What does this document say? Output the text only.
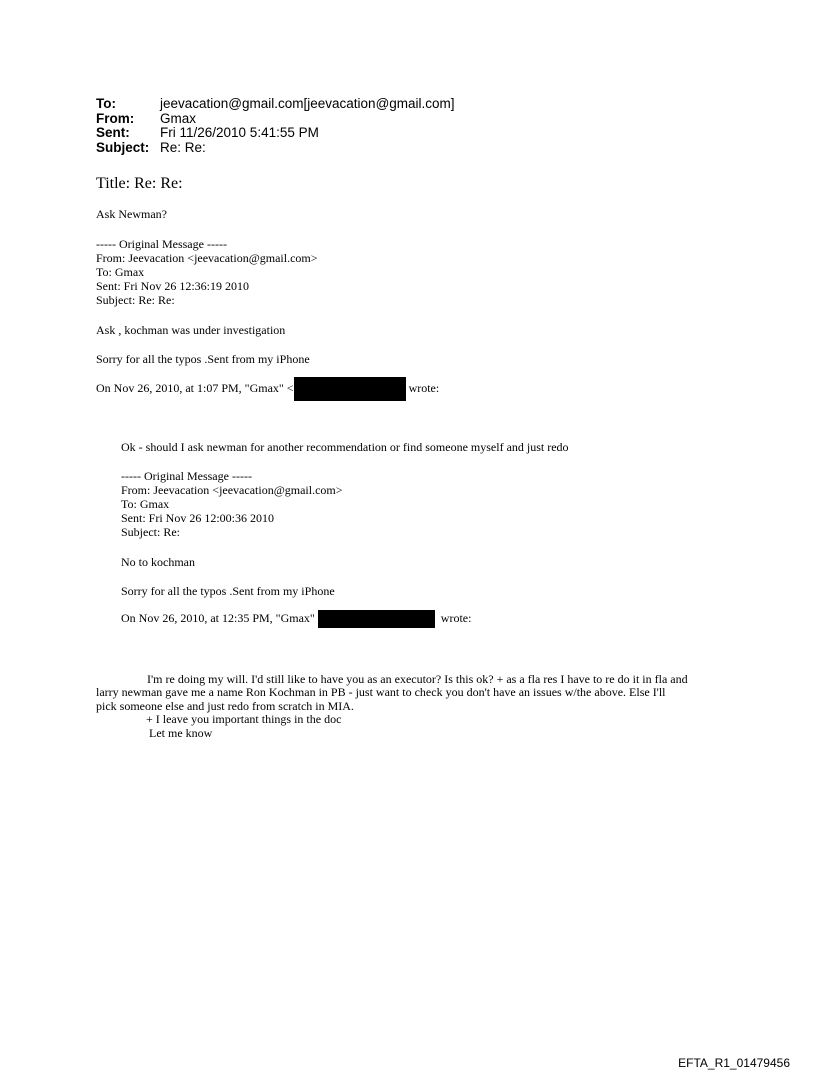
To:	jeevacation@gmail.com[jeevacation@gmail.com]
From:	Gmax
Sent:	Fri 11/26/2010 5:41:55 PM
Subject: Re: Re:
Title: Re: Re:
Ask Newman?
----- Original Message -----
From: Jeevacation <jeevacation@gmail.com>
To: Gmax
Sent: Fri Nov 26 12:36:19 2010
Subject: Re: Re:
Ask , kochman was under investigation
Sorry for all the typos .Sent from my iPhone
On Nov 26, 2010, at 1:07 PM, "Gmax" <	wrote:
Ok - should I ask newman for another recommendation or find someone myself and just redo
----- Original Message -----
From: Jeevacation <jeevacation@gmail.com>
To: Gmax
Sent: Fri Nov 26 12:00:36 2010
Subject: Re:
No to kochman
Sorry for all the typos .Sent from my iPhone
On Nov 26, 2010, at 12:35 PM, "Gmax"	wrote:
I'm re doing my will. I'd still like to have you as an executor? Is this ok? + as a fla res I have to re do it in fla and
larry newman gave me a name Ron Kochman in PB - just want to check you don't have an issues w/the above. Else I'll
pick someone else and just redo from scratch in MIA.
+ I leave you important things in the doc
Let me know
EFTA_R1_01479456
